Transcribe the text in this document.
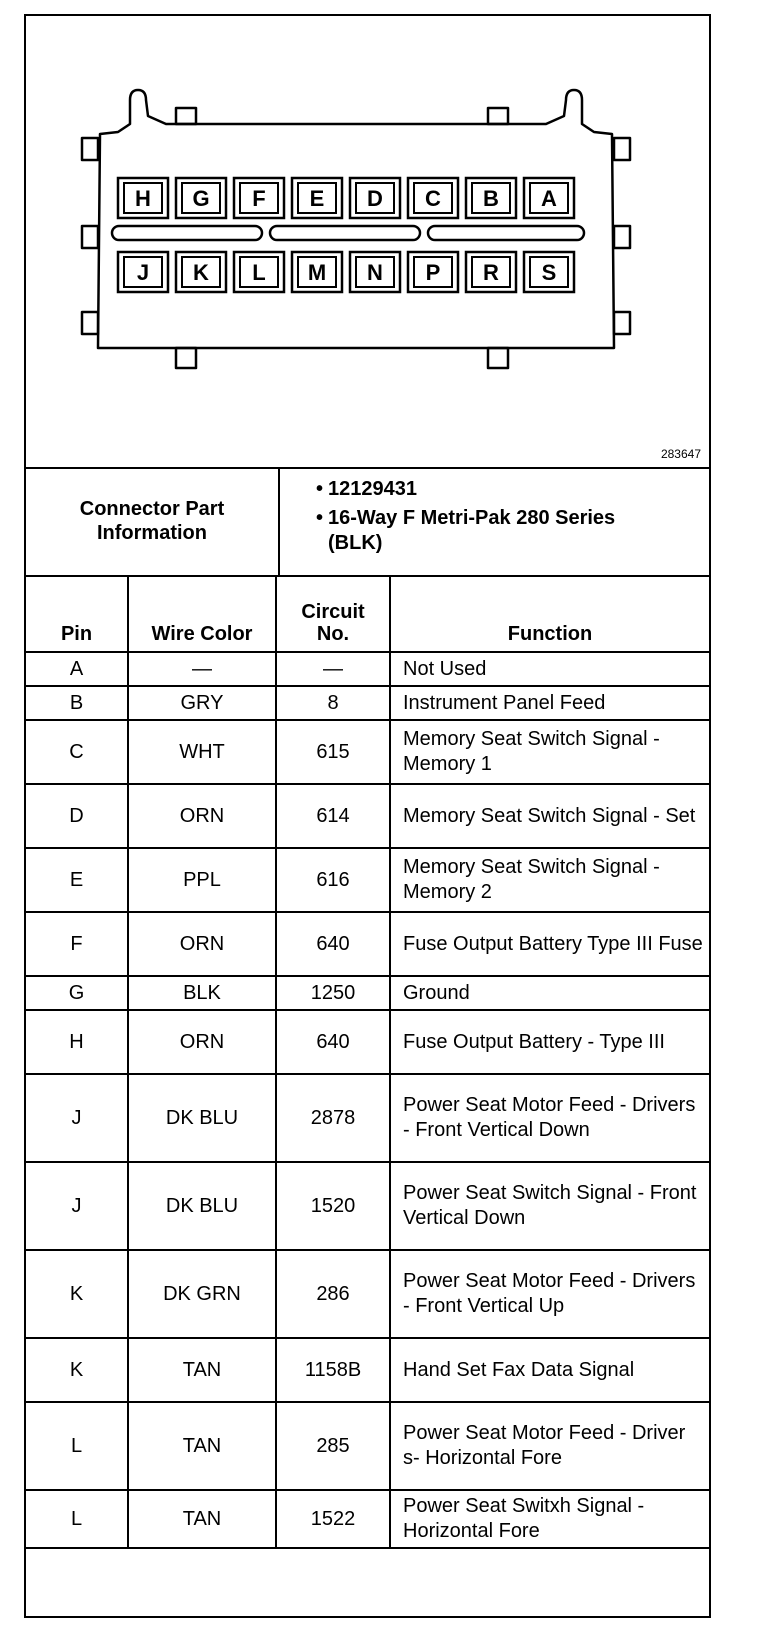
H G F E D C B A
J K L M N P R S
283647
Connector Part Information
• 12129431
• 16-Way F Metri-Pak 280 Series (BLK)
Pin	Wire Color	Circuit No.	Function
A	—	—	Not Used
B	GRY	8	Instrument Panel Feed
C	WHT	615	Memory Seat Switch Signal - Memory 1
D	ORN	614	Memory Seat Switch Signal - Set
E	PPL	616	Memory Seat Switch Signal - Memory 2
F	ORN	640	Fuse Output Battery Type III Fuse
G	BLK	1250	Ground
H	ORN	640	Fuse Output Battery - Type III
J	DK BLU	2878	Power Seat Motor Feed - Drivers - Front Vertical Down
J	DK BLU	1520	Power Seat Switch Signal - Front Vertical Down
K	DK GRN	286	Power Seat Motor Feed - Drivers - Front Vertical Up
K	TAN	1158B	Hand Set Fax Data Signal
L	TAN	285	Power Seat Motor Feed - Driver s- Horizontal Fore
L	TAN	1522	Power Seat Switxh Signal - Horizontal Fore
